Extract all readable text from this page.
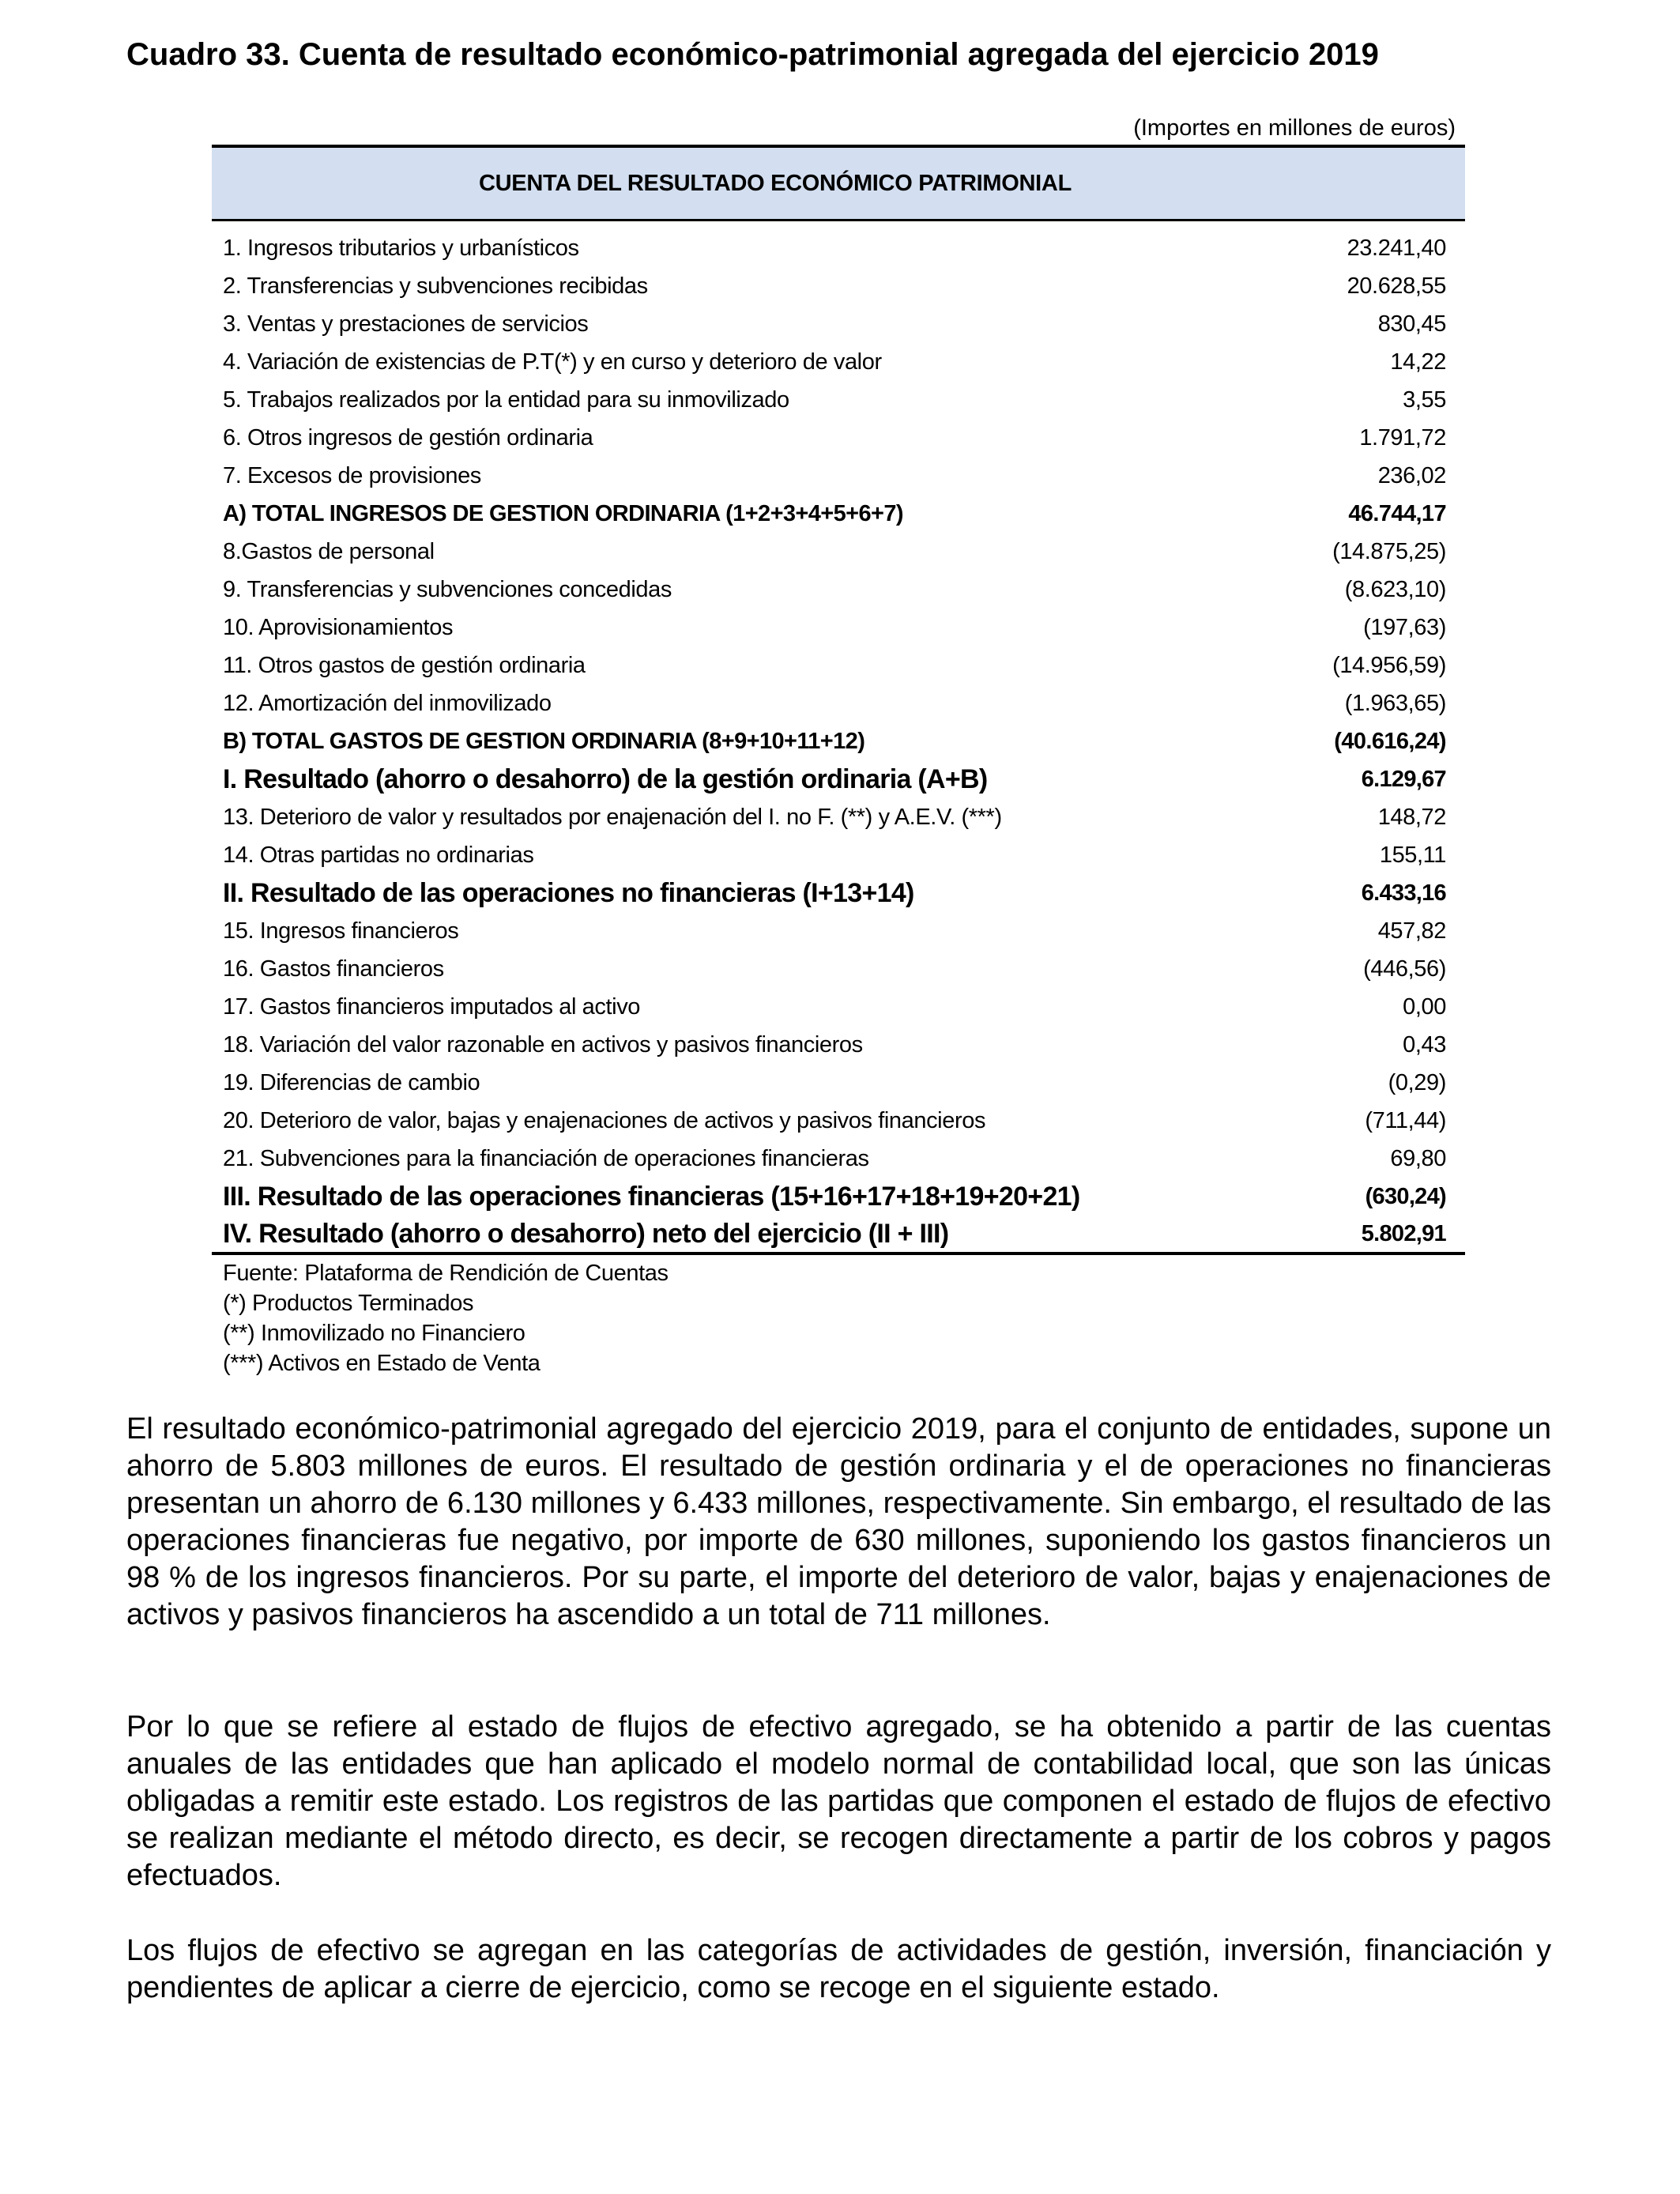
Cuadro 33. Cuenta de resultado económico-patrimonial agregada del ejercicio 2019
(Importes en millones de euros)
CUENTA DEL RESULTADO ECONÓMICO PATRIMONIAL
1. Ingresos tributarios y urbanísticos	23.241,40
2. Transferencias y subvenciones recibidas	20.628,55
3. Ventas y prestaciones de servicios	830,45
4. Variación de existencias de P.T(*) y en curso y deterioro de valor	14,22
5. Trabajos realizados por la entidad para su inmovilizado	3,55
6. Otros ingresos de gestión ordinaria	1.791,72
7. Excesos de provisiones	236,02
A) TOTAL INGRESOS DE GESTION ORDINARIA (1+2+3+4+5+6+7)	46.744,17
8.Gastos de personal	(14.875,25)
9. Transferencias y subvenciones concedidas	(8.623,10)
10. Aprovisionamientos	(197,63)
11. Otros gastos de gestión ordinaria	(14.956,59)
12. Amortización del inmovilizado	(1.963,65)
B) TOTAL GASTOS DE GESTION ORDINARIA (8+9+10+11+12)	(40.616,24)
I. Resultado (ahorro o desahorro) de la gestión ordinaria (A+B)	6.129,67
13. Deterioro de valor y resultados por enajenación del I. no F. (**) y A.E.V. (***)	148,72
14. Otras partidas no ordinarias	155,11
II. Resultado de las operaciones no financieras (I+13+14)	6.433,16
15. Ingresos financieros	457,82
16. Gastos financieros	(446,56)
17. Gastos financieros imputados al activo	0,00
18. Variación del valor razonable en activos y pasivos financieros	0,43
19. Diferencias de cambio	(0,29)
20. Deterioro de valor, bajas y enajenaciones de activos y pasivos financieros	(711,44)
21. Subvenciones para la financiación de operaciones financieras	69,80
III. Resultado de las operaciones financieras (15+16+17+18+19+20+21)	(630,24)
IV. Resultado (ahorro o desahorro) neto del ejercicio (II + III)	5.802,91
Fuente: Plataforma de Rendición de Cuentas
(*) Productos Terminados
(**) Inmovilizado no Financiero
(***) Activos en Estado de Venta
El resultado económico-patrimonial agregado del ejercicio 2019, para el conjunto de entidades, supone un ahorro de 5.803 millones de euros. El resultado de gestión ordinaria y el de operaciones no financieras presentan un ahorro de 6.130 millones y 6.433 millones, respectivamente. Sin embargo, el resultado de las operaciones financieras fue negativo, por importe de 630 millones, suponiendo los gastos financieros un 98 % de los ingresos financieros. Por su parte, el importe del deterioro de valor, bajas y enajenaciones de activos y pasivos financieros ha ascendido a un total de 711 millones.
Por lo que se refiere al estado de flujos de efectivo agregado, se ha obtenido a partir de las cuentas anuales de las entidades que han aplicado el modelo normal de contabilidad local, que son las únicas obligadas a remitir este estado. Los registros de las partidas que componen el estado de flujos de efectivo se realizan mediante el método directo, es decir, se recogen directamente a partir de los cobros y pagos efectuados.
Los flujos de efectivo se agregan en las categorías de actividades de gestión, inversión, financiación y pendientes de aplicar a cierre de ejercicio, como se recoge en el siguiente estado.
